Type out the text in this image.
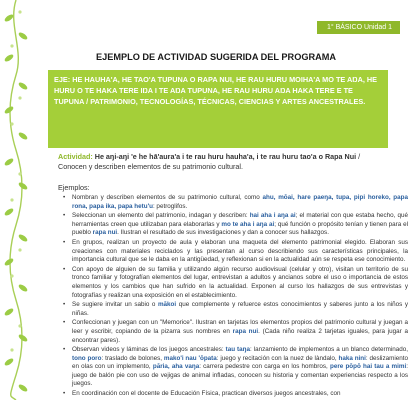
1° BÁSICO Unidad 1
EJEMPLO DE ACTIVIDAD SUGERIDA DEL PROGRAMA
EJE: HE HAUHA'A, HE TAO'A TUPUNA O RAPA NUI, HE RAU HURU MOIHA'A MO TE AŊA, HE HURU O TE HAKA TERE IŊA I TE AŊA TUPUNA, HE RAU HURU AŊA HAKA TERE E TE TUPUNA / PATRIMONIO, TECNOLOGÍAS, TÉCNICAS, CIENCIAS Y ARTES ANCESTRALES.
Actividad: He aŋi-aŋi 'e he hā'aura'a i te rau huru hauha'a, i te rau huru tao'a o Rapa Nui / Conocen y describen elementos de su patrimonio cultural.
Ejemplos:
• Nombran y describen elementos de su patrimonio cultural, como ahu, mōai, hare paeŋa, tupa, pipi horeko, papa rona, papa ika, papa hetu'u: petroglifos.
• Seleccionan un elemento del patrimonio, indagan y describen: hai aha i aŋa ai; el material con que estaba hecho, qué herramientas creen que utilizaban para elaborarlas y mo te aha i aŋa ai; qué función o propósito tenían y tienen para el pueblo rapa nui. Ilustran el resultado de sus investigaciones y dan a conocer sus hallazgos.
• En grupos, realizan un proyecto de aula y elaboran una maqueta del elemento patrimonial elegido. Elaboran sus creaciones con materiales reciclados y las presentan al curso describiendo sus características principales, la importancia cultural que se le daba en la antigüedad, y reflexionan si en la actualidad aún se respeta ese conocimiento.
• Con apoyo de alguien de su familia y utilizando algún recurso audiovisual (celular y otro), visitan un territorio de su tronco familiar y fotografían elementos del lugar, entrevistan a adultos y ancianos sobre el uso o importancia de estos elementos y los cambios que han sufrido en la actualidad. Exponen al curso los hallazgos de sus entrevistas y fotografías y realizan una exposición en el establecimiento.
• Se sugiere invitar un sabio o mākoi que complemente y refuerce estos conocimientos y saberes junto a los niños y niñas.
• Confeccionan y juegan con un "Memorice". Ilustran en tarjetas los elementos propios del patrimonio cultural y juegan a leer y escribir, copiando de la pizarra sus nombres en rapa nui. (Cada niño realiza 2 tarjetas iguales, para jugar a encontrar pares).
• Observan videos y láminas de los juegos ancestrales: tau taŋa: lanzamiento de implementos a un blanco determinado, tono poro: traslado de bolones, mako'i nau 'ōpata: juego y recitación con la nuez de làndalo, haka nini: deslizamiento en olas con un implemento, pāria, aha vaŋa: carrera pedestre con carga en los hombros, pere pōpō hai tau a mimi: juego de balón pie con uso de vejigas de animal infladas, conocen su historia y comentan experiencias respecto a los juegos.
• En coordinación con el docente de Educación Física, practican diversos juegos ancestrales, con
